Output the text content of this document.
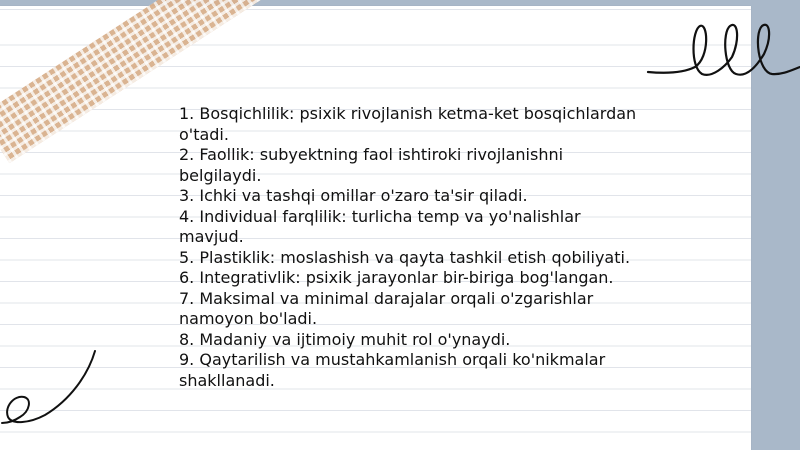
1. Bosqichlilik: psixik rivojlanish ketma-ket bosqichlardan o'tadi.

2. Faollik: subyektning faol ishtiroki rivojlanishni belgilaydi.

3. Ichki va tashqi omillar o'zaro ta'sir qiladi.

4. Individual farqlilik: turlicha temp va yo'nalishlar mavjud.

5. Plastiklik: moslashish va qayta tashkil etish qobiliyati.

6. Integrativlik: psixik jarayonlar bir-biriga bog'langan.

7. Maksimal va minimal darajalar orqali o'zgarishlar namoyon bo'ladi.

8. Madaniy va ijtimoiy muhit rol o'ynaydi.

9. Qaytarilish va mustahkamlanish orqali ko'nikmalar shakllanadi.
